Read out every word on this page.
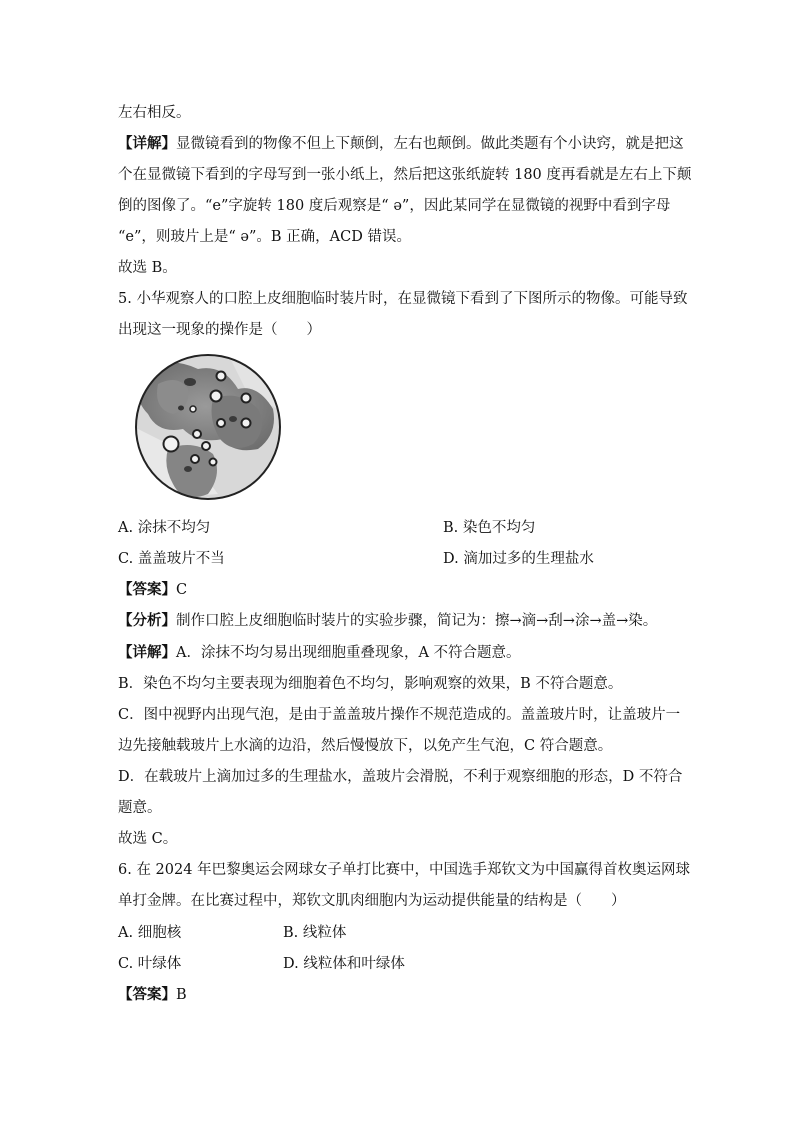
左右相反。
【详解】显微镜看到的物像不但上下颠倒，左右也颠倒。做此类题有个小诀窍，就是把这
个在显微镜下看到的字母写到一张小纸上，然后把这张纸旋转 180 度再看就是左右上下颠
倒的图像了。“e”字旋转 180 度后观察是“ ə”，因此某同学在显微镜的视野中看到字母
“e”，则玻片上是“ ə”。B 正确，ACD 错误。
故选 B。
5. 小华观察人的口腔上皮细胞临时装片时，在显微镜下看到了下图所示的物像。可能导致
出现这一现象的操作是（　　）
A. 涂抹不均匀	B. 染色不均匀
C. 盖盖玻片不当	D. 滴加过多的生理盐水
【答案】C
【分析】制作口腔上皮细胞临时装片的实验步骤，简记为：擦→滴→刮→涂→盖→染。
【详解】A．涂抹不均匀易出现细胞重叠现象，A 不符合题意。
B．染色不均匀主要表现为细胞着色不均匀，影响观察的效果，B 不符合题意。
C．图中视野内出现气泡，是由于盖盖玻片操作不规范造成的。盖盖玻片时，让盖玻片一
边先接触载玻片上水滴的边沿，然后慢慢放下，以免产生气泡，C 符合题意。
D．在载玻片上滴加过多的生理盐水，盖玻片会滑脱，不利于观察细胞的形态，D 不符合
题意。
故选 C。
6. 在 2024 年巴黎奥运会网球女子单打比赛中，中国选手郑钦文为中国赢得首枚奥运网球
单打金牌。在比赛过程中，郑钦文肌肉细胞内为运动提供能量的结构是（　　）
A. 细胞核	B. 线粒体
C. 叶绿体	D. 线粒体和叶绿体
【答案】B
